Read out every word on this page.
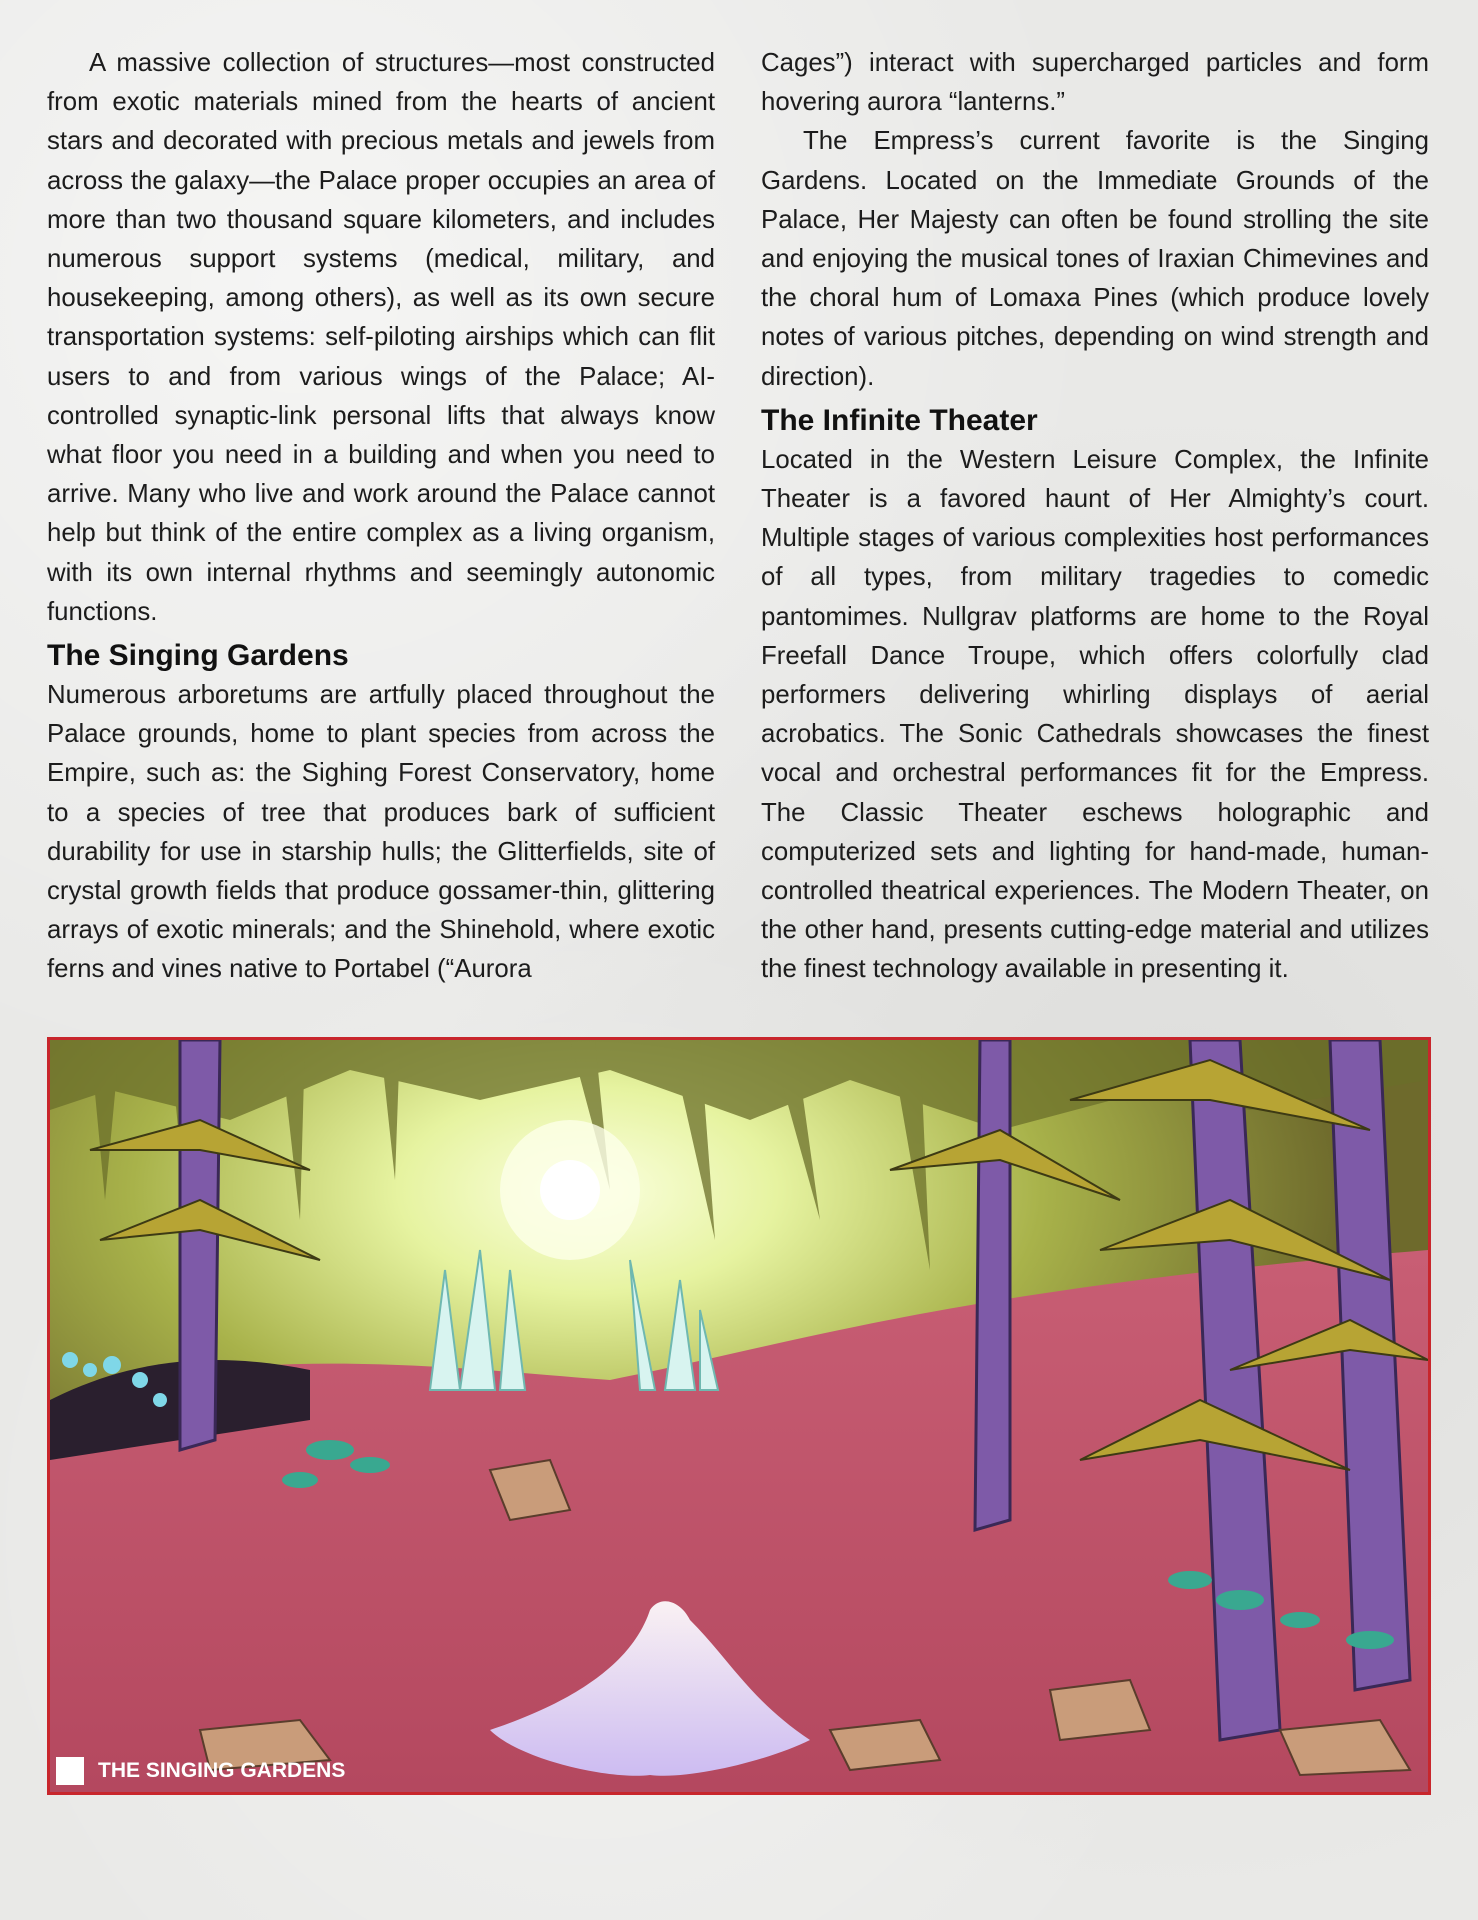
A massive collection of structures—most constructed from exotic materials mined from the hearts of ancient stars and decorated with precious metals and jewels from across the galaxy—the Palace proper occupies an area of more than two thousand square kilometers, and includes numerous support systems (medical, military, and housekeeping, among others), as well as its own secure transportation systems: self-piloting airships which can flit users to and from various wings of the Palace; AI-controlled synaptic-link personal lifts that always know what floor you need in a building and when you need to arrive. Many who live and work around the Palace cannot help but think of the entire complex as a living organism, with its own internal rhythms and seemingly autonomic functions.

The Singing Gardens

Numerous arboretums are artfully placed throughout the Palace grounds, home to plant species from across the Empire, such as: the Sighing Forest Conservatory, home to a species of tree that produces bark of sufficient durability for use in starship hulls; the Glitterfields, site of crystal growth fields that produce gossamer-thin, glittering arrays of exotic minerals; and the Shinehold, where exotic ferns and vines native to Portabel (“Aurora

Cages”) interact with supercharged particles and form hovering aurora “lanterns.”

The Empress’s current favorite is the Singing Gardens. Located on the Immediate Grounds of the Palace, Her Majesty can often be found strolling the site and enjoying the musical tones of Iraxian Chimevines and the choral hum of Lomaxa Pines (which produce lovely notes of various pitches, depending on wind strength and direction).

The Infinite Theater

Located in the Western Leisure Complex, the Infinite Theater is a favored haunt of Her Almighty’s court. Multiple stages of various complexities host performances of all types, from military tragedies to comedic pantomimes. Nullgrav platforms are home to the Royal Freefall Dance Troupe, which offers colorfully clad performers delivering whirling displays of aerial acrobatics. The Sonic Cathedrals showcases the finest vocal and orchestral performances fit for the Empress. The Classic Theater eschews holographic and computerized sets and lighting for hand-made, human-controlled theatrical experiences. The Modern Theater, on the other hand, presents cutting-edge material and utilizes the finest technology available in presenting it.

THE SINGING GARDENS
